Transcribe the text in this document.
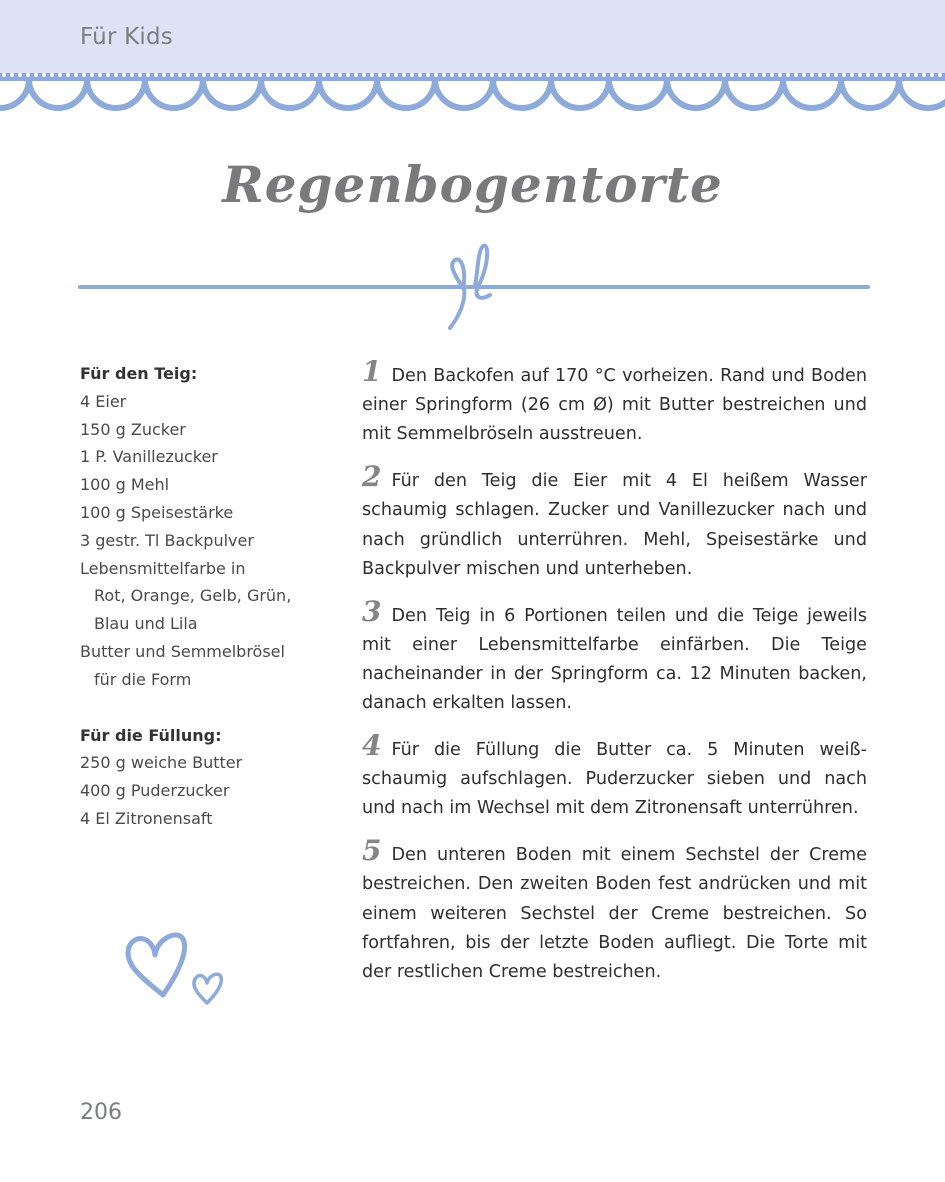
Für Kids
Regenbogentorte
Für den Teig:
4 Eier
150 g Zucker
1 P. Vanillezucker
100 g Mehl
100 g Speisestärke
3 gestr. Tl Backpulver
Lebensmittelfarbe in
Rot, Orange, Gelb, Grün,
Blau und Lila
Butter und Semmelbrösel
für die Form
Für die Füllung:
250 g weiche Butter
400 g Puderzucker
4 El Zitronensaft

1 Den Backofen auf 170 °C vorheizen. Rand und Boden einer Springform (26 cm Ø) mit Butter bestreichen und mit Semmelbröseln ausstreuen.

2 Für den Teig die Eier mit 4 El heißem Wasser schaumig schlagen. Zucker und Vanillezucker nach und nach gründlich unterrühren. Mehl, Speisestärke und Backpulver mischen und unterheben.

3 Den Teig in 6 Portionen teilen und die Teige jeweils mit einer Lebensmittelfarbe einfärben. Die Teige nacheinander in der Springform ca. 12 Minuten backen, danach erkalten lassen.

4 Für die Füllung die Butter ca. 5 Minuten weißschaumig aufschlagen. Puderzucker sieben und nach und nach im Wechsel mit dem Zitronensaft unterrühren.

5 Den unteren Boden mit einem Sechstel der Creme bestreichen. Den zweiten Boden fest andrücken und mit einem weiteren Sechstel der Creme bestreichen. So fortfahren, bis der letzte Boden aufliegt. Die Torte mit der restlichen Creme bestreichen.

206
